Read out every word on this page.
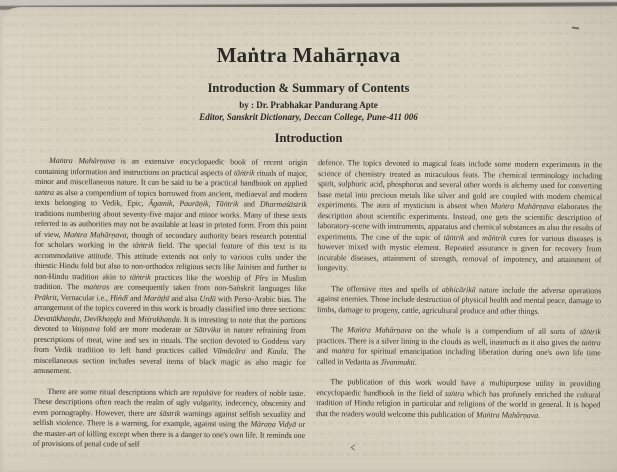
Maṅtra Mahārṇava
Introduction & Summary of Contents
by : Dr. Prabhakar Pandurang Apte
Editor, Sanskrit Dictionary, Deccan College, Pune-411 006
Introduction

Maṅtra Mahārṇava is an extensive encyclopaedic book of recent origin containing information and instructions on practical aspects of tāṅtrik rituals of major, minor and miscellaneous nature. It can be said to be a practical handbook on applied taṅtra as also a compendium of topics borrowed from ancient, mediaeval and modern texts belonging to Vedik, Epic, Āgamik, Paurāṇik, Tāṅtrik and Dharmaśāstrik traditions numbering about seventy-five major and minor works. Many of these texts referred to as authorities may not be available at least in printed form. From this point of view, Maṅtra Mahārṇava, though of secondary authority bears research potential for scholars working in the tāṅtrik field. The special feature of this text is its accommodative attitude. This attitude extends not only to various cults under the thiestic Hindu fold but also to non-orthodox religious sects like Jainism and further to non-Hindu tradition akin to tāṅtrik practices like the worship of Pīrs in Muslim tradition. The maṅtras are consequently taken from non-Saṅskrit languages like Prākrit, Vernacular i.e., Hiṅdī and Marāṭhī and also Urdū with Perso-Arabic bias. The arrangement of the topics covered in this work is broadly classified into three sections: Devatākhaṇḍa, Devīkhaṇḍa and Miśrakhaṇḍa. It is intresting to note that the portions devoted to Vaiṣṇava fold are more moderate or Sātrvika in nature refraining from prescriptions of meat, wine and sex in rituals. The section devoted to Goddess vary from Vedik tradition to left hand practices called Vāmācāra and Kaula. The miscellaneous section includes several items of black magic as also magic for amusement.

There are some ritual descriptions which are repulsive for readers of noble taste. These descriptions often reach the realm of ugly vulgarity, indecency, obscenity and even pornography. However, there are śāstrik warnings against selfish sexuality and selfish violence. There is a warning, for example, against using the Māraṇa Vidyā or the master-art of killing except when there is a danger to one's own life. It reminds one of provisions of penal code of self

defence. The topics devoted to magical feats include some modern experiments in the science of chemistry treated as miraculous feats. The chemical terminology including spirit, sulphuric acid, phosphorus and several other words is alchemy used for converting base metal into precious metals like silver and gold are coupled with modern chemical experiments. The aura of mysticism is absent when Maṅtra Mahārṇava elaborates the description about scientific experiments. Instead, one gets the scientific description of laboratory-scene with instruments, apparatus and chemical substances as also the results of experiments. The case of the topic of tāṅtrik and māṅtrik cures for various diseases is however mixed with mystic element. Repeated assurance is given for recovery from incurable diseases, attainment of strength, removal of impotency, and attainment of longevity.

The offensive rites and spells of abhicārikā nature include the adverse operations against enemies. Those include destruction of physical health and mental peace, damage to limbs, damage to progeny, cattle, agricultural produce and other things.

The Maṅtra Mahārṇava on the whole is a compendium of all sorts of tāṅtrik practices. There is a silver lining to the clouds as well, inasmuch as it also gives the taṅtra and maṅtra for spiritual emancipation including liberation during one's own life time called in Vedanta as Jīvanmukti.

The publication of this work would have a multipurpose utility in providing encyclopaedic handbook in the field of taṅtra which has profusely enriched the cultural tradition of Hindu religion in particular and religions of the world in general. It is hoped that the readers would welcome this publication of Maṅtra Mahārṇava.
